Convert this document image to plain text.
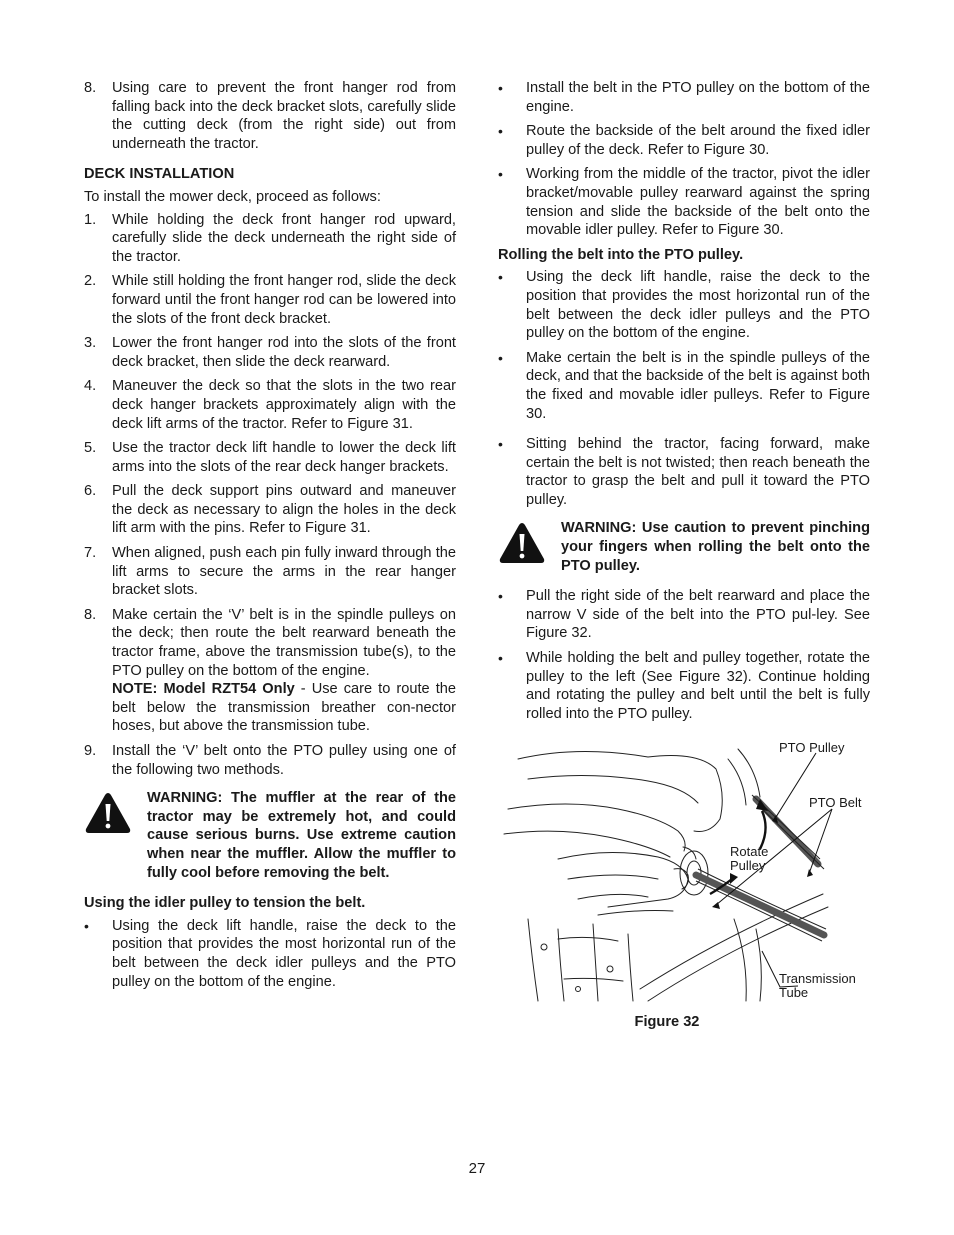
8. Using care to prevent the front hanger rod from falling back into the deck bracket slots, carefully slide the cutting deck (from the right side) out from underneath the tractor.

DECK INSTALLATION
To install the mower deck, proceed as follows:
1. While holding the deck front hanger rod upward, carefully slide the deck underneath the right side of the tractor.

2. While still holding the front hanger rod, slide the deck forward until the front hanger rod can be lowered into the slots of the front deck bracket.

3. Lower the front hanger rod into the slots of the front deck bracket, then slide the deck rearward.

4. Maneuver the deck so that the slots in the two rear deck hanger brackets approximately align with the deck lift arms of the tractor. Refer to Figure 31.

5. Use the tractor deck lift handle to lower the deck lift arms into the slots of the rear deck hanger brackets.

6. Pull the deck support pins outward and maneuver the deck as necessary to align the holes in the deck lift arm with the pins. Refer to Figure 31.

7. When aligned, push each pin fully inward through the lift arms to secure the arms in the rear hanger bracket slots.

8. Make certain the ‘V’ belt is in the spindle pulleys on the deck; then route the belt rearward beneath the tractor frame, above the transmission tube(s), to the PTO pulley on the bottom of the engine.

NOTE: Model RZT54 Only - Use care to route the belt below the transmission breather con-nector hoses, but above the transmission tube.

9. Install the ‘V’ belt onto the PTO pulley using one of the following two methods.

WARNING: The muffler at the rear of the tractor may be extremely hot, and could cause serious burns. Use extreme caution when near the muffler. Allow the muffler to fully cool before removing the belt.
Using the idler pulley to tension the belt.
• Using the deck lift handle, raise the deck to the position that provides the most horizontal run of the belt between the deck idler pulleys and the PTO pulley on the bottom of the engine.

• Install the belt in the PTO pulley on the bottom of the engine.

• Route the backside of the belt around the fixed idler pulley of the deck. Refer to Figure 30.

• Working from the middle of the tractor, pivot the idler bracket/movable pulley rearward against the spring tension and slide the backside of the belt onto the movable idler pulley. Refer to Figure 30.

Rolling the belt into the PTO pulley.
• Using the deck lift handle, raise the deck to the position that provides the most horizontal run of the belt between the deck idler pulleys and the PTO pulley on the bottom of the engine.

• Make certain the belt is in the spindle pulleys of the deck, and that the backside of the belt is against both the fixed and movable idler pulleys. Refer to Figure 30.

• Sitting behind the tractor, facing forward, make certain the belt is not twisted; then reach beneath the tractor to grasp the belt and pull it toward the PTO pulley.

WARNING: Use caution to prevent pinching your fingers when rolling the belt onto the PTO pulley.
• Pull the right side of the belt rearward and place the narrow V side of the belt into the PTO pul-ley. See Figure 32.

• While holding the belt and pulley together, rotate the pulley to the left (See Figure 32). Continue holding and rotating the pulley and belt until the belt is fully rolled into the PTO pulley.

PTO Pulley
PTO Belt
Rotate
Pulley
Transmission
Tube
Figure 32
27
